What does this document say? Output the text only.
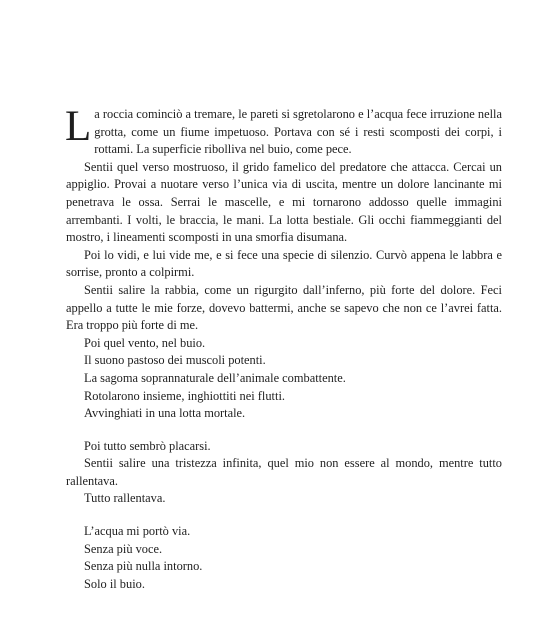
La roccia cominciò a tremare, le pareti si sgretolarono e l’acqua fece irruzione nella grotta, come un fiume impetuoso. Portava con sé i resti scomposti dei corpi, i rottami. La superficie ribolliva nel buio, come pece.

Sentii quel verso mostruoso, il grido famelico del predatore che attacca. Cercai un appiglio. Provai a nuotare verso l’unica via di uscita, mentre un dolore lancinante mi penetrava le ossa. Serrai le mascelle, e mi tornarono addosso quelle immagini arrembanti. I volti, le braccia, le mani. La lotta bestiale. Gli occhi fiammeggianti del mostro, i lineamenti scomposti in una smorfia disumana.

Poi lo vidi, e lui vide me, e si fece una specie di silenzio. Curvò appena le labbra e sorrise, pronto a colpirmi.

Sentii salire la rabbia, come un rigurgito dall’inferno, più forte del dolore. Feci appello a tutte le mie forze, dovevo battermi, anche se sapevo che non ce l’avrei fatta. Era troppo più forte di me.

Poi quel vento, nel buio.

Il suono pastoso dei muscoli potenti.

La sagoma soprannaturale dell’animale combattente.

Rotolarono insieme, inghiottiti nei flutti.

Avvinghiati in una lotta mortale.

Poi tutto sembrò placarsi.

Sentii salire una tristezza infinita, quel mio non essere al mondo, mentre tutto rallentava.

Tutto rallentava.

L’acqua mi portò via.

Senza più voce.

Senza più nulla intorno.

Solo il buio.
